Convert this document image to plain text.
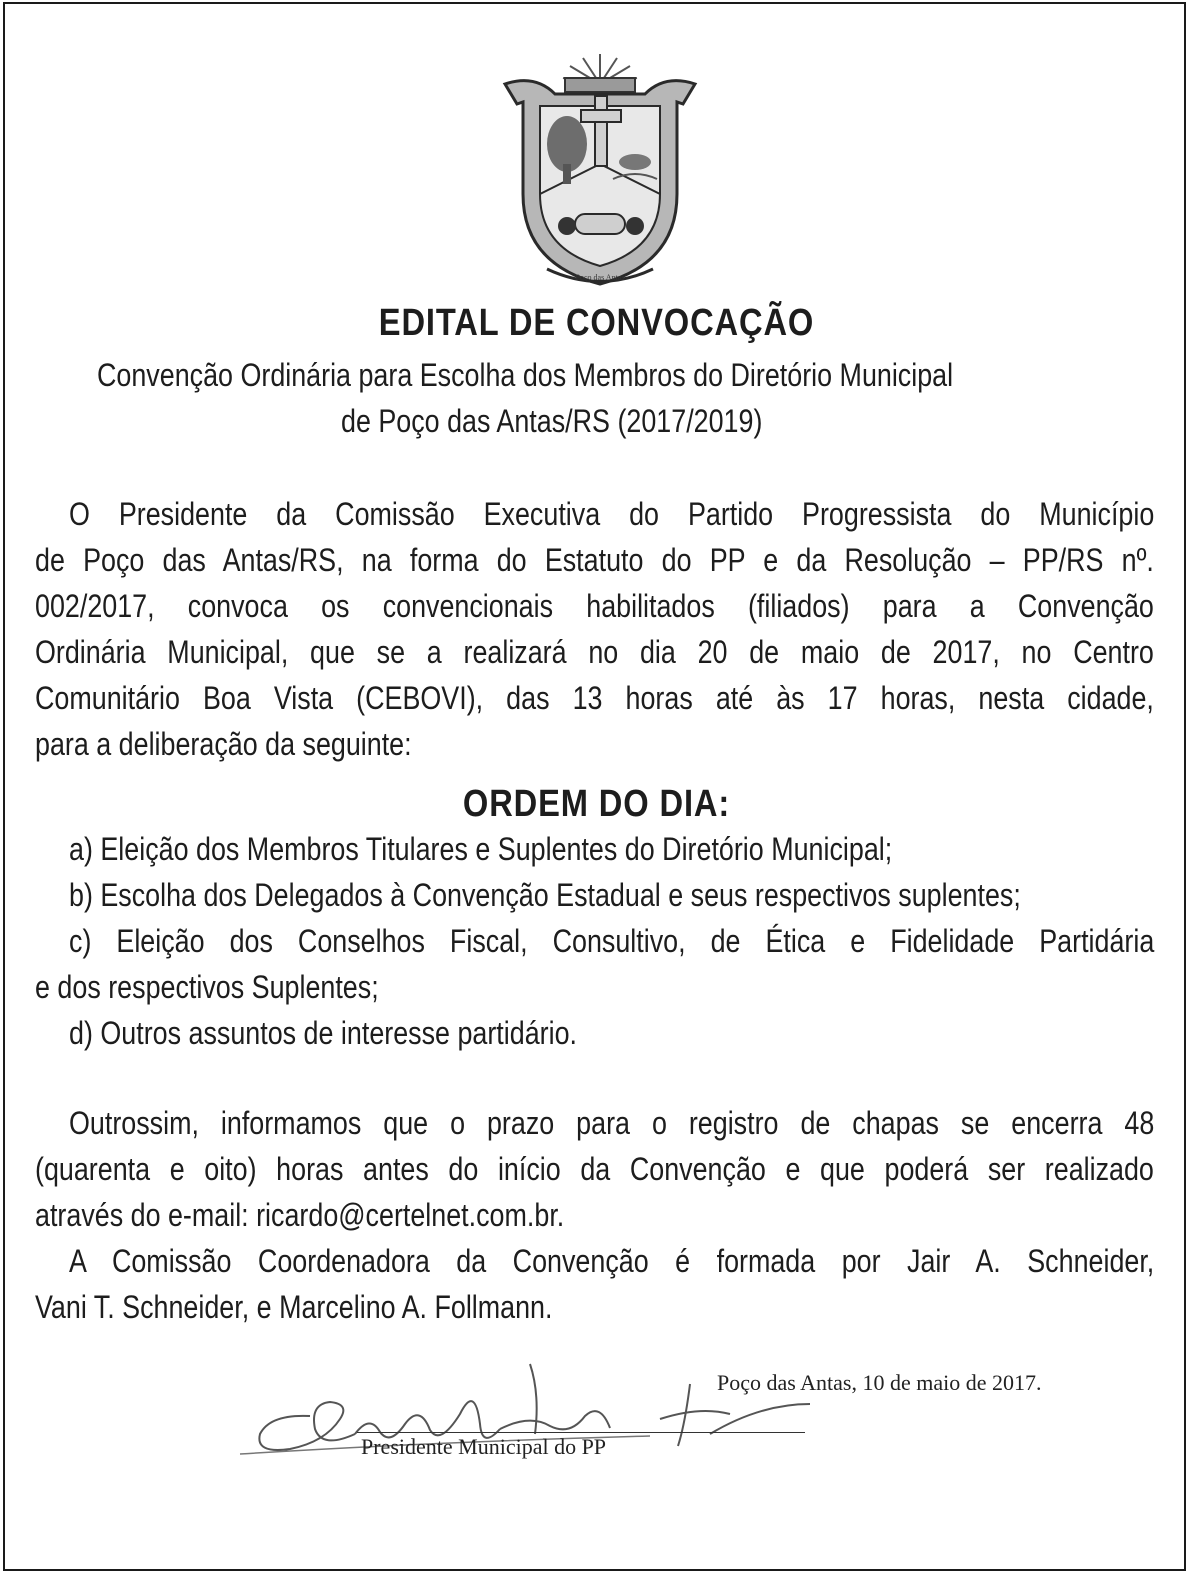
Poço das Antas
EDITAL DE CONVOCAÇÃO
Convenção Ordinária para Escolha dos Membros do Diretório Municipal
de Poço das Antas/RS (2017/2019)
O Presidente da Comissão Executiva do Partido Progressista do Município
de Poço das Antas/RS, na forma do Estatuto do PP e da Resolução – PP/RS nº.
002/2017, convoca os convencionais habilitados (filiados) para a Convenção
Ordinária Municipal, que se a realizará no dia 20 de maio de 2017, no Centro
Comunitário Boa Vista (CEBOVI), das 13 horas até às 17 horas, nesta cidade,
para a deliberação da seguinte:
ORDEM DO DIA:
a) Eleição dos Membros Titulares e Suplentes do Diretório Municipal;
b) Escolha dos Delegados à Convenção Estadual e seus respectivos suplentes;
c) Eleição dos Conselhos Fiscal, Consultivo, de Ética e Fidelidade Partidária
e dos respectivos Suplentes;
d) Outros assuntos de interesse partidário.
Outrossim, informamos que o prazo para o registro de chapas se encerra 48
(quarenta e oito) horas antes do início da Convenção e que poderá ser realizado
através do e-mail: ricardo@certelnet.com.br.
A Comissão Coordenadora da Convenção é formada por Jair A. Schneider,
Vani T. Schneider, e Marcelino A. Follmann.
Poço das Antas, 10 de maio de 2017.
Presidente Municipal do PP
